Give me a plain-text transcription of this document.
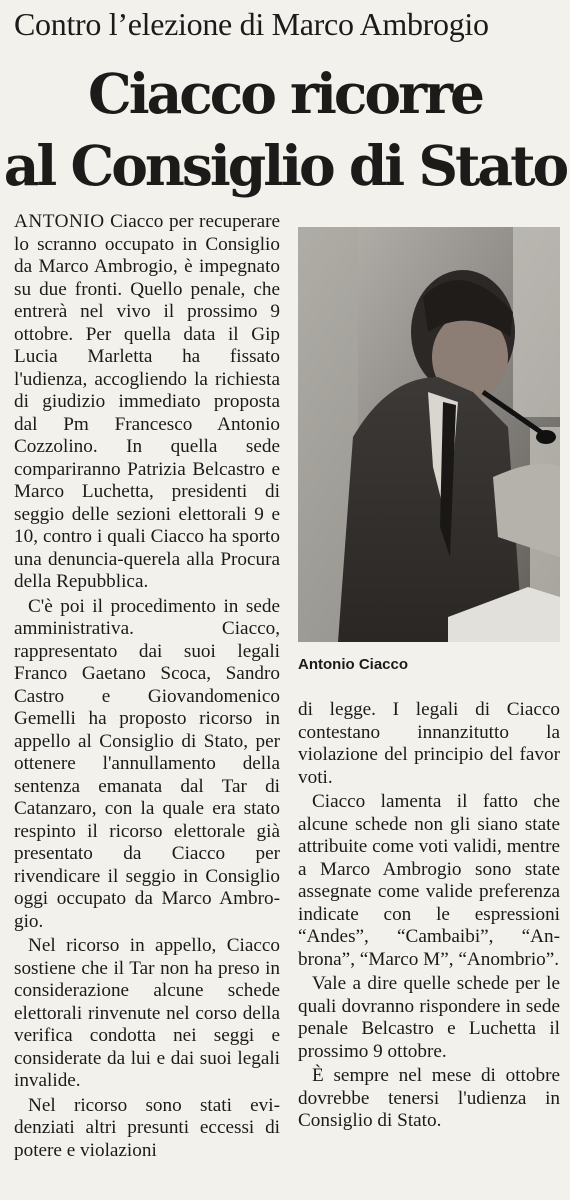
Contro l’elezione di Marco Ambrogio
Ciacco ricorre
al Consiglio di Stato

ANTONIO Ciacco per recuperare lo scranno occupato in Consiglio da Marco Ambrogio, è impegnato su due fronti. Quello penale, che entrerà nel vivo il prossimo 9 ottobre. Per quella data il Gip Lucia Marletta ha fissato l'udienza, accogliendo la richiesta di giudizio immediato proposta dal Pm Francesco Antonio Cozzolino. In quella sede compariranno Patrizia Belcastro e Marco Luchetta, presidenti di seggio delle sezioni elettorali 9 e 10, contro i quali Ciacco ha sporto una denuncia-querela alla Procura della Repubblica.

C'è poi il procedimento in sede amministrativa. Ciacco, rappresentato dai suoi legali Franco Gaetano Scoca, Sandro Castro e Giovandomenico Gemelli ha proposto ricorso in appello al Consiglio di Stato, per ottenere l'annullamento della sentenza emanata dal Tar di Catanzaro, con la quale era stato respinto il ricorso elettorale già presentato da Ciacco per rivendicare il seggio in Consiglio oggi occupato da Marco Ambrogio.

Nel ricorso in appello, Ciacco sostiene che il Tar non ha preso in considerazione alcune schede elettorali rinvenute nel corso della verifica condotta nei seggi e considerate da lui e dai suoi legali invalide.

Nel ricorso sono stati evidenziati altri presunti eccessi di potere e violazioni

Antonio Ciacco

di legge. I legali di Ciacco contestano innanzitutto la violazione del principio del favor voti.

Ciacco lamenta il fatto che alcune schede non gli siano state attribuite come voti validi, mentre a Marco Ambrogio sono state assegnate come valide preferenza indicate con le espressioni “Andes”, “Cambaibi”, “Anbrona”, “Marco M”, “Anombrio”.

Vale a dire quelle schede per le quali dovranno rispondere in sede penale Belcastro e Luchetta il prossimo 9 ottobre.

È sempre nel mese di ottobre dovrebbe tenersi l'udienza in Consiglio di Stato.
